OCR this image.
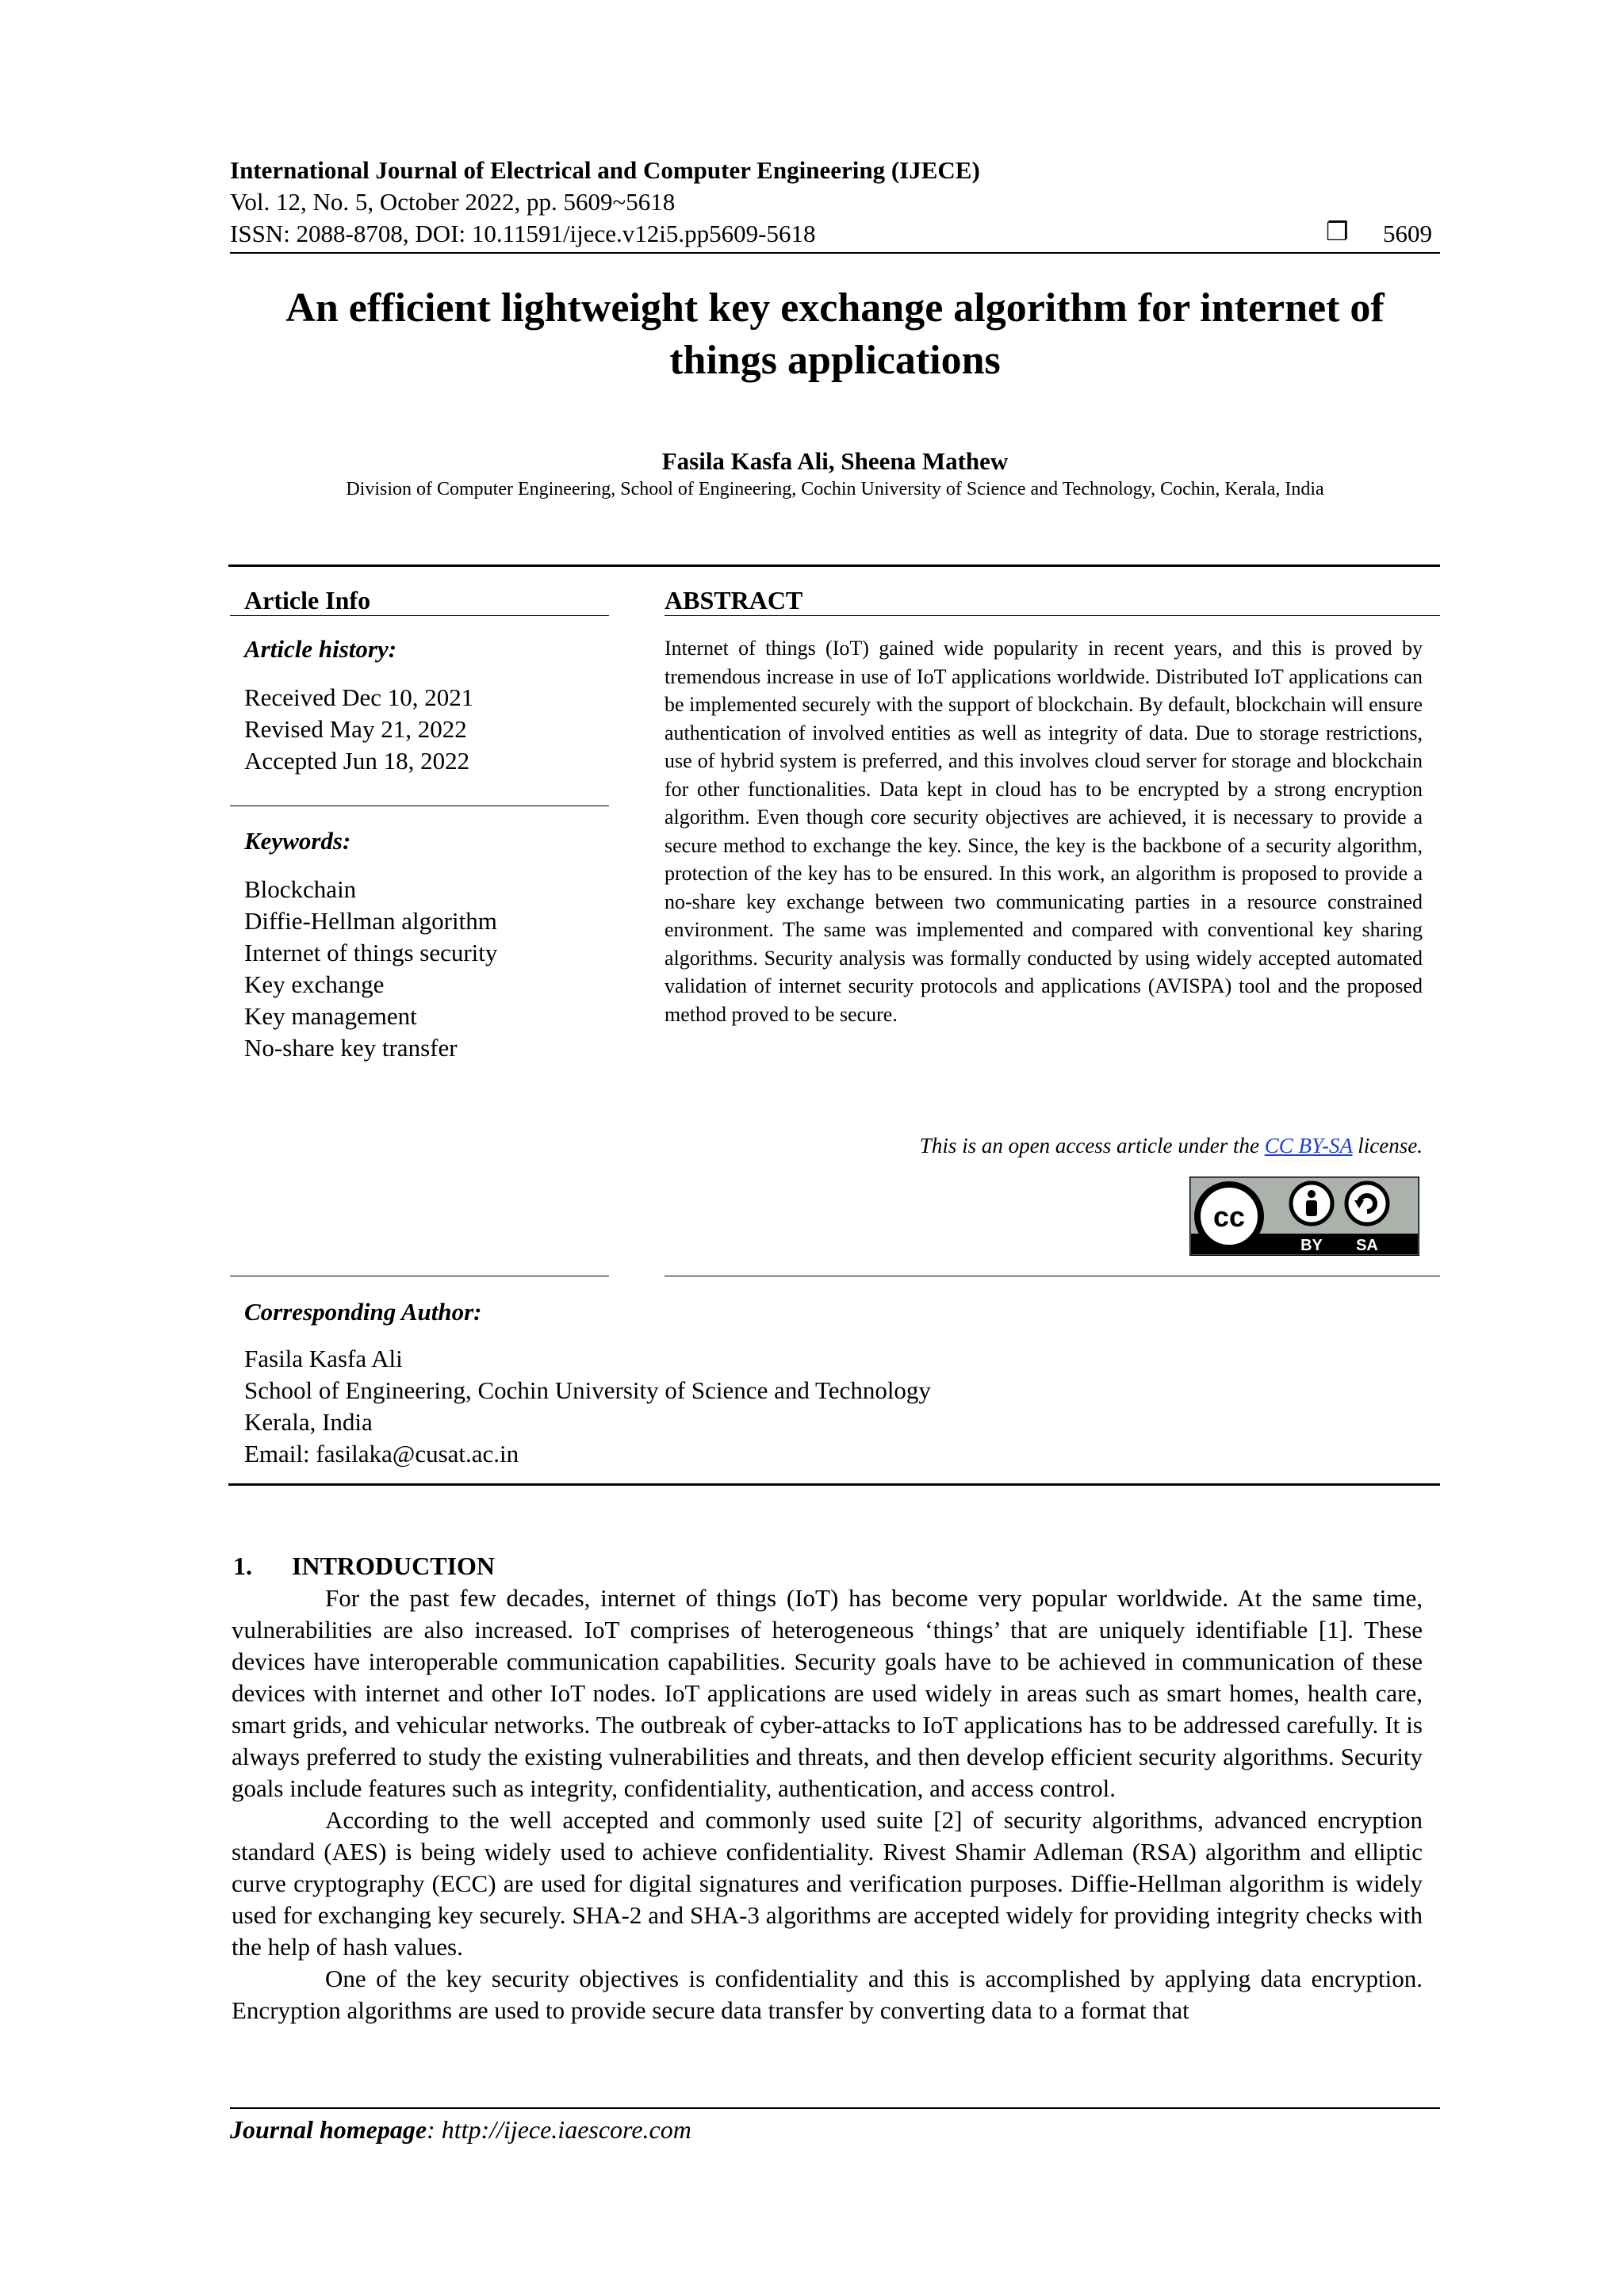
International Journal of Electrical and Computer Engineering (IJECE)
Vol. 12, No. 5, October 2022, pp. 5609~5618
ISSN: 2088-8708, DOI: 10.11591/ijece.v12i5.pp5609-5618	❐ 5609
An efficient lightweight key exchange algorithm for internet of
things applications
Fasila Kasfa Ali, Sheena Mathew
Division of Computer Engineering, School of Engineering, Cochin University of Science and Technology, Cochin, Kerala, India
Article Info
Article history:
Received Dec 10, 2021
Revised May 21, 2022
Accepted Jun 18, 2022
Keywords:
Blockchain
Diffie-Hellman algorithm
Internet of things security
Key exchange
Key management
No-share key transfer
ABSTRACT
Internet of things (IoT) gained wide popularity in recent years, and this is proved by tremendous increase in use of IoT applications worldwide. Distributed IoT applications can be implemented securely with the support of blockchain. By default, blockchain will ensure authentication of involved entities as well as integrity of data. Due to storage restrictions, use of hybrid system is preferred, and this involves cloud server for storage and blockchain for other functionalities. Data kept in cloud has to be encrypted by a strong encryption algorithm. Even though core security objectives are achieved, it is necessary to provide a secure method to exchange the key. Since, the key is the backbone of a security algorithm, protection of the key has to be ensured. In this work, an algorithm is proposed to provide a no-share key exchange between two communicating parties in a resource constrained environment. The same was implemented and compared with conventional key sharing algorithms. Security analysis was formally conducted by using widely accepted automated validation of internet security protocols and applications (AVISPA) tool and the proposed method proved to be secure.
This is an open access article under the CC BY-SA license.
cc
BY SA
Corresponding Author:
Fasila Kasfa Ali
School of Engineering, Cochin University of Science and Technology
Kerala, India
Email: fasilaka@cusat.ac.in
1. INTRODUCTION
For the past few decades, internet of things (IoT) has become very popular worldwide. At the same time, vulnerabilities are also increased. IoT comprises of heterogeneous ‘things’ that are uniquely identifiable [1]. These devices have interoperable communication capabilities. Security goals have to be achieved in communication of these devices with internet and other IoT nodes. IoT applications are used widely in areas such as smart homes, health care, smart grids, and vehicular networks. The outbreak of cyber-attacks to IoT applications has to be addressed carefully. It is always preferred to study the existing vulnerabilities and threats, and then develop efficient security algorithms. Security goals include features such as integrity, confidentiality, authentication, and access control.
According to the well accepted and commonly used suite [2] of security algorithms, advanced encryption standard (AES) is being widely used to achieve confidentiality. Rivest Shamir Adleman (RSA) algorithm and elliptic curve cryptography (ECC) are used for digital signatures and verification purposes. Diffie-Hellman algorithm is widely used for exchanging key securely. SHA-2 and SHA-3 algorithms are accepted widely for providing integrity checks with the help of hash values.
One of the key security objectives is confidentiality and this is accomplished by applying data encryption. Encryption algorithms are used to provide secure data transfer by converting data to a format that
Journal homepage: http://ijece.iaescore.com
